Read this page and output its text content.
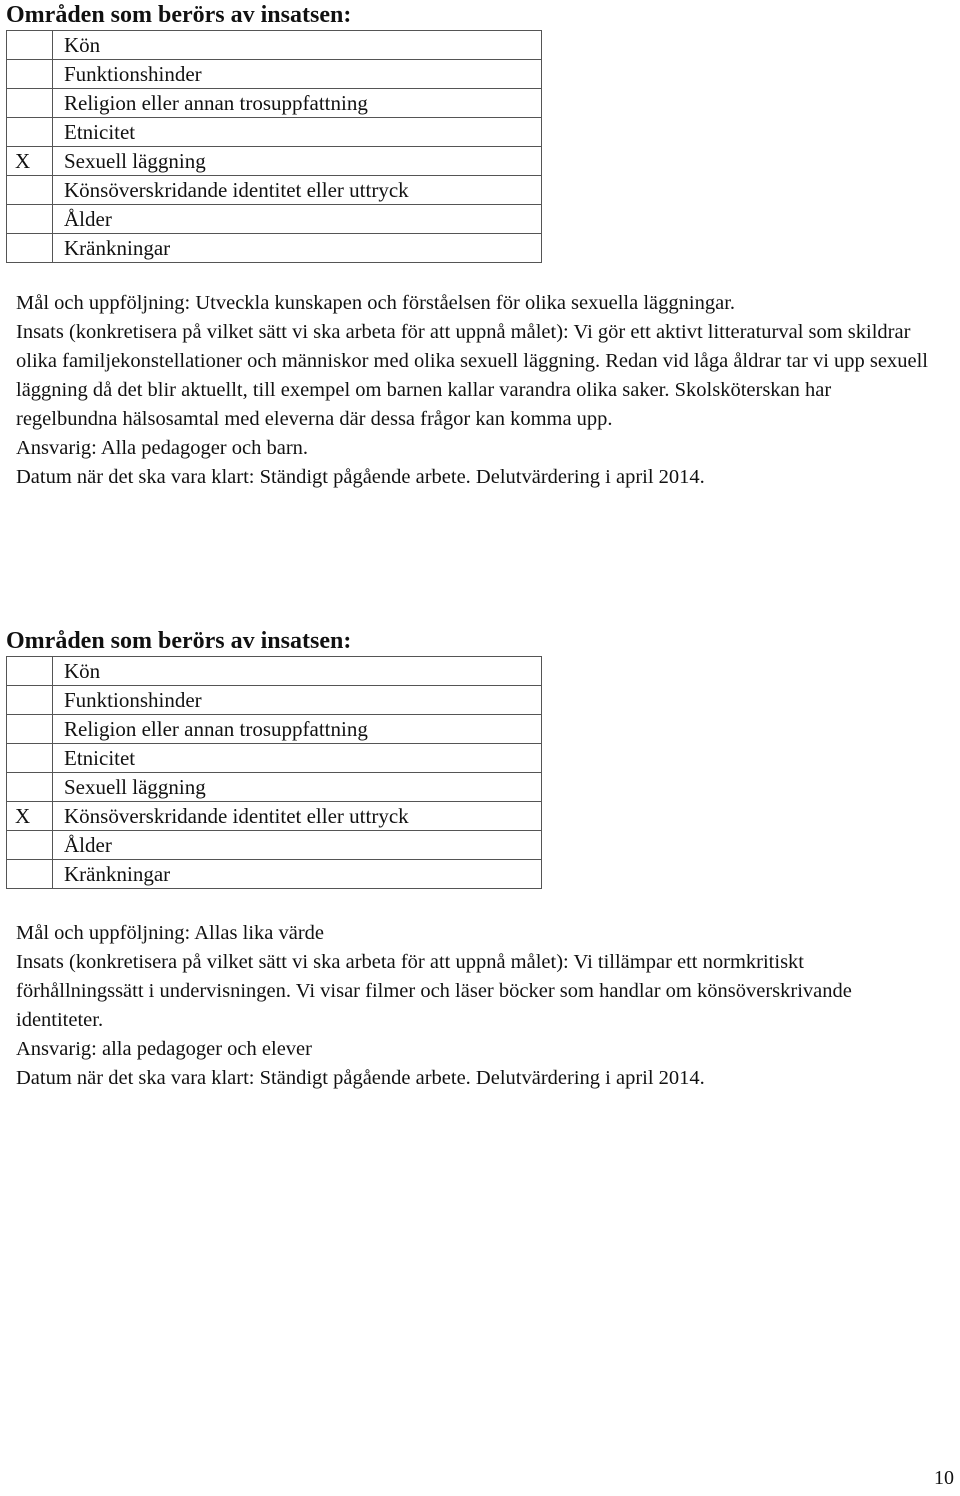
Områden som berörs av insatsen:
	Kön
	Funktionshinder
	Religion eller annan trosuppfattning
	Etnicitet
X	Sexuell läggning
	Könsöverskridande identitet eller uttryck
	Ålder
	Kränkningar

Mål och uppföljning: Utveckla kunskapen och förståelsen för olika sexuella läggningar.

Insats (konkretisera på vilket sätt vi ska arbeta för att uppnå målet): Vi gör ett aktivt litteraturval som skildrar olika familjekonstellationer och människor med olika sexuell läggning. Redan vid låga åldrar tar vi upp sexuell läggning då det blir aktuellt, till exempel om barnen kallar varandra olika saker. Skolsköterskan har regelbundna hälsosamtal med eleverna där dessa frågor kan komma upp.

Ansvarig: Alla pedagoger och barn.

Datum när det ska vara klart: Ständigt pågående arbete. Delutvärdering i april 2014.

Områden som berörs av insatsen:
	Kön
	Funktionshinder
	Religion eller annan trosuppfattning
	Etnicitet
	Sexuell läggning
X	Könsöverskridande identitet eller uttryck
	Ålder
	Kränkningar

Mål och uppföljning: Allas lika värde

Insats (konkretisera på vilket sätt vi ska arbeta för att uppnå målet): Vi tillämpar ett normkritiskt förhållningssätt i undervisningen. Vi visar filmer och läser böcker som handlar om könsöverskrivande identiteter.

Ansvarig: alla pedagoger och elever

Datum när det ska vara klart: Ständigt pågående arbete. Delutvärdering i april 2014.

10
